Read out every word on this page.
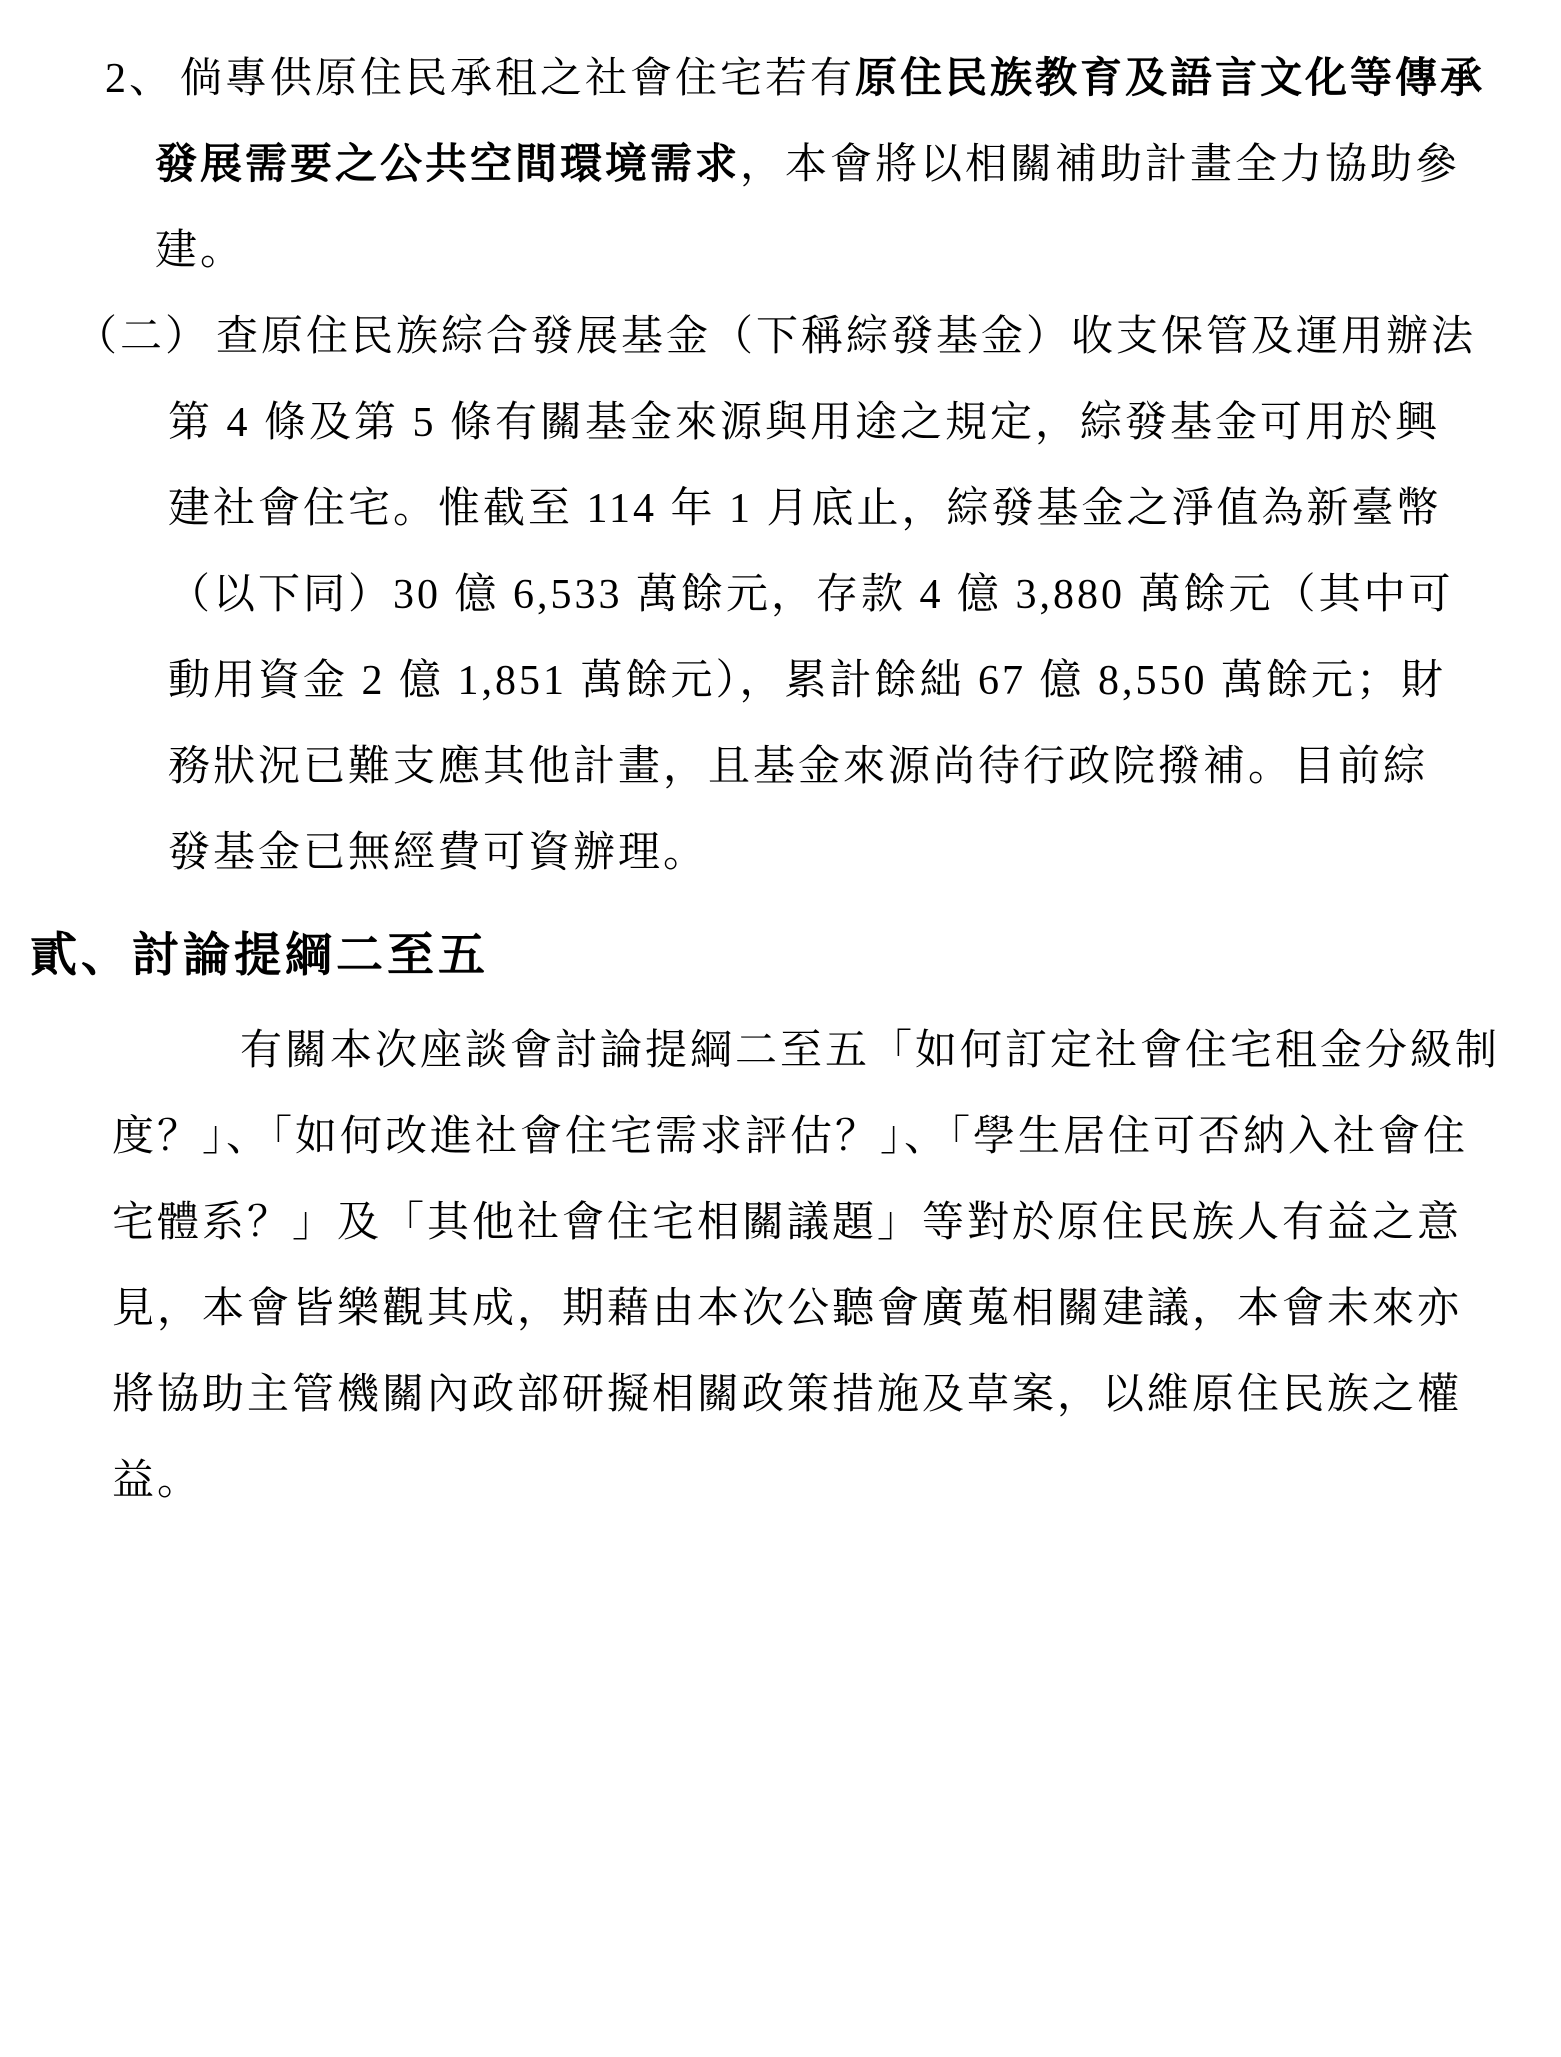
2、 倘專供原住民承租之社會住宅若有原住民族教育及語言文化等傳承
發展需要之公共空間環境需求，本會將以相關補助計畫全力協助參
建。
（二） 查原住民族綜合發展基金（下稱綜發基金）收支保管及運用辦法
第 4 條及第 5 條有關基金來源與用途之規定，綜發基金可用於興
建社會住宅。惟截至 114 年 1 月底止，綜發基金之淨值為新臺幣
（以下同）30 億 6,533 萬餘元，存款 4 億 3,880 萬餘元（其中可
動用資金 2 億 1,851 萬餘元），累計餘絀 67 億 8,550 萬餘元；財
務狀況已難支應其他計畫，且基金來源尚待行政院撥補。目前綜
發基金已無經費可資辦理。
貳、討論提綱二至五
有關本次座談會討論提綱二至五「如何訂定社會住宅租金分級制
度？」、「如何改進社會住宅需求評估？」、「學生居住可否納入社會住
宅體系？」及「其他社會住宅相關議題」等對於原住民族人有益之意
見，本會皆樂觀其成，期藉由本次公聽會廣蒐相關建議，本會未來亦
將協助主管機關內政部研擬相關政策措施及草案，以維原住民族之權
益。
